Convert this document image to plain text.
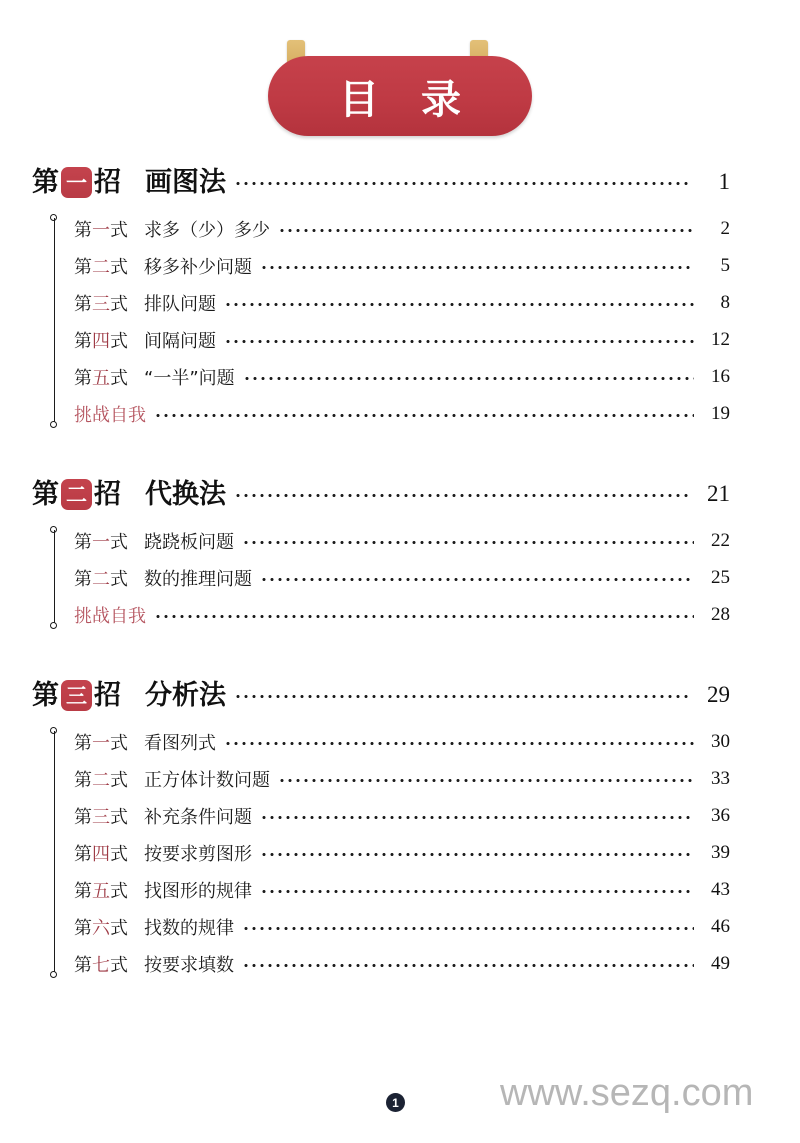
目录
第 一 招 画图法	1
第 一 式 求多（少）多少	2
第 二 式 移多补少问题	5
第 三 式 排队问题	8
第 四 式 间隔问题	12
第 五 式 “一半”问题	16
挑战自我	19
第 二 招 代换法	21
第 一 式 跷跷板问题	22
第 二 式 数的推理问题	25
挑战自我	28
第 三 招 分析法	29
第 一 式 看图列式	30
第 二 式 正方体计数问题	33
第 三 式 补充条件问题	36
第 四 式 按要求剪图形	39
第 五 式 找图形的规律	43
第 六 式 找数的规律	46
第 七 式 按要求填数	49
1	www.sezq.com
